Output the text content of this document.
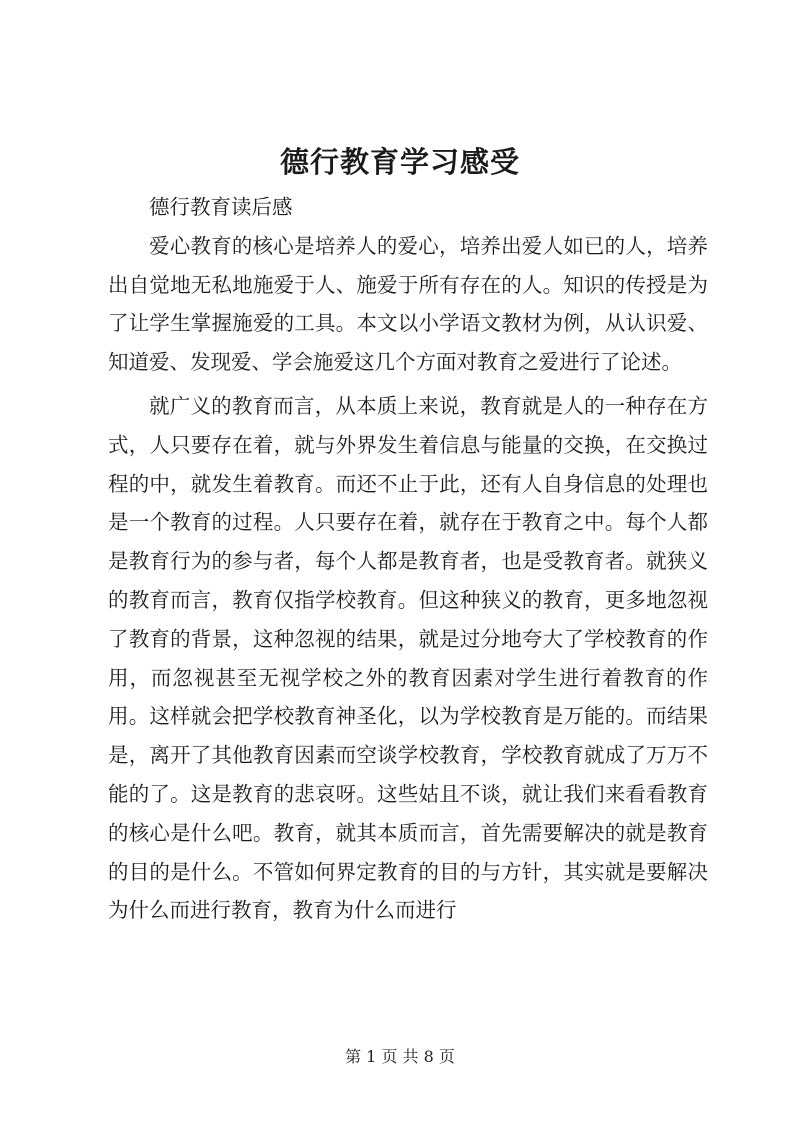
德行教育学习感受

德行教育读后感

爱心教育的核心是培养人的爱心，培养出爱人如已的人，培养出自觉地无私地施爱于人、施爱于所有存在的人。知识的传授是为了让学生掌握施爱的工具。本文以小学语文教材为例，从认识爱、知道爱、发现爱、学会施爱这几个方面对教育之爱进行了论述。

就广义的教育而言，从本质上来说，教育就是人的一种存在方式，人只要存在着，就与外界发生着信息与能量的交换，在交换过程的中，就发生着教育。而还不止于此，还有人自身信息的处理也是一个教育的过程。人只要存在着，就存在于教育之中。每个人都是教育行为的参与者，每个人都是教育者，也是受教育者。就狭义的教育而言，教育仅指学校教育。但这种狭义的教育，更多地忽视了教育的背景，这种忽视的结果，就是过分地夸大了学校教育的作用，而忽视甚至无视学校之外的教育因素对学生进行着教育的作用。这样就会把学校教育神圣化，以为学校教育是万能的。而结果是，离开了其他教育因素而空谈学校教育，学校教育就成了万万不能的了。这是教育的悲哀呀。这些姑且不谈，就让我们来看看教育的核心是什么吧。教育，就其本质而言，首先需要解决的就是教育的目的是什么。不管如何界定教育的目的与方针，其实就是要解决为什么而进行教育，教育为什么而进行

第 1 页 共 8 页
